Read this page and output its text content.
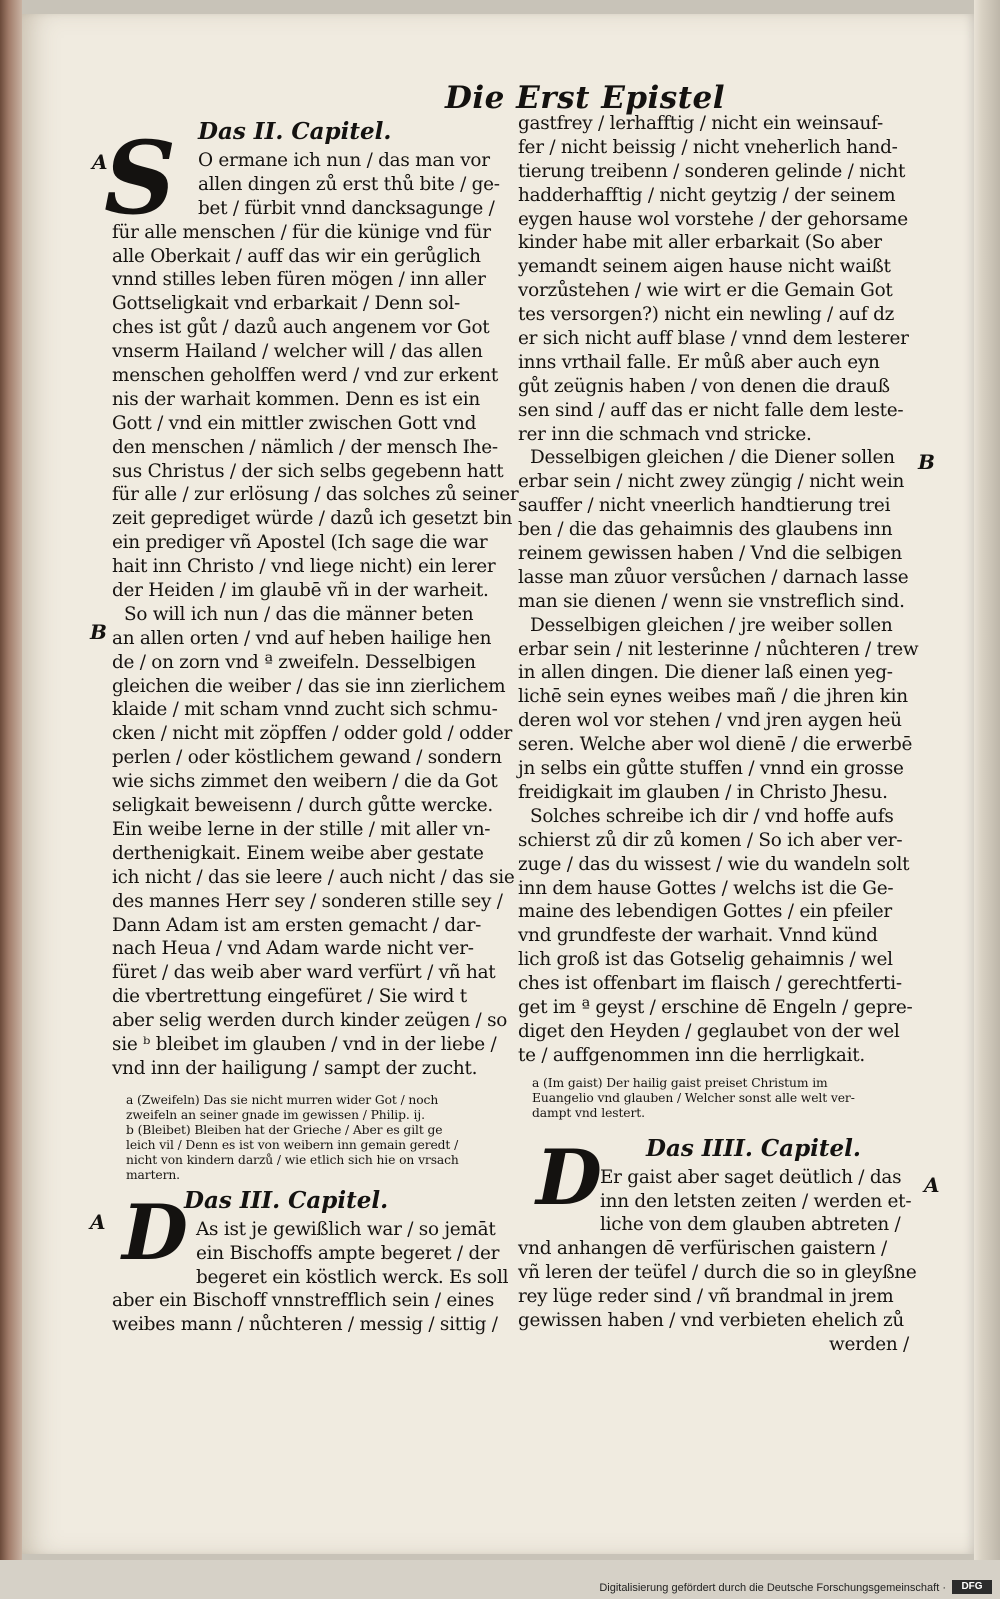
Die Erst Epistel
A
B
A
B
A
S
D
D
Das II. Capitel.
O ermane ich nun / das man vor
allen dingen zů erst thů bite / ge-
bet / fürbit vnnd dancksagunge /
für alle menschen / für die künige vnd für
alle Oberkait / auff das wir ein gerůglich
vnnd stilles leben füren mögen / inn aller
Gottseligkait vnd erbarkait / Denn sol-
ches ist gůt / dazů auch angenem vor Got
vnserm Hailand / welcher will / das allen
menschen geholffen werd / vnd zur erkent
nis der warhait kommen. Denn es ist ein
Gott / vnd ein mittler zwischen Gott vnd
den menschen / nämlich / der mensch Ihe-
sus Christus / der sich selbs gegebenn hatt
für alle / zur erlösung / das solches zů seiner
zeit geprediget würde / dazů ich gesetzt bin
ein prediger vñ Apostel (Ich sage die war
hait inn Christo / vnd liege nicht) ein lerer
der Heiden / im glaubē vñ in der warheit.
So will ich nun / das die männer beten
an allen orten / vnd auf heben hailige hen
de / on zorn vnd ª zweifeln. Desselbigen
gleichen die weiber / das sie inn zierlichem
klaide / mit scham vnnd zucht sich schmu-
cken / nicht mit zöpffen / odder gold / odder
perlen / oder köstlichem gewand / sondern
wie sichs zimmet den weibern / die da Got
seligkait beweisenn / durch gůtte wercke.
Ein weibe lerne in der stille / mit aller vn-
derthenigkait. Einem weibe aber gestate
ich nicht / das sie leere / auch nicht / das sie
des mannes Herr sey / sonderen stille sey /
Dann Adam ist am ersten gemacht / dar-
nach Heua / vnd Adam warde nicht ver-
füret / das weib aber ward verfürt / vñ hat
die vbertrettung eingefüret / Sie wird t
aber selig werden durch kinder zeügen / so
sie ᵇ bleibet im glauben / vnd in der liebe /
vnd inn der hailigung / sampt der zucht.
a (Zweifeln) Das sie nicht murren wider Got / noch
zweifeln an seiner gnade im gewissen / Philip. ij.
b (Bleibet) Bleiben hat der Grieche / Aber es gilt ge
leich vil / Denn es ist von weibern inn gemain geredt /
nicht von kindern darzů / wie etlich sich hie on vrsach
martern.
Das III. Capitel.
As ist je gewißlich war / so jemāt
ein Bischoffs ampte begeret / der
begeret ein köstlich werck. Es soll
aber ein Bischoff vnnstrefflich sein / eines
weibes mann / nůchteren / messig / sittig /
gastfrey / lerhafftig / nicht ein weinsauf-
fer / nicht beissig / nicht vneherlich hand-
tierung treibenn / sonderen gelinde / nicht
hadderhafftig / nicht geytzig / der seinem
eygen hause wol vorstehe / der gehorsame
kinder habe mit aller erbarkait (So aber
yemandt seinem aigen hause nicht waißt
vorzůstehen / wie wirt er die Gemain Got
tes versorgen?) nicht ein newling / auf dz
er sich nicht auff blase / vnnd dem lesterer
inns vrthail falle. Er můß aber auch eyn
gůt zeügnis haben / von denen die drauß
sen sind / auff das er nicht falle dem leste-
rer inn die schmach vnd stricke.
Desselbigen gleichen / die Diener sollen
erbar sein / nicht zwey züngig / nicht wein
sauffer / nicht vneerlich handtierung trei
ben / die das gehaimnis des glaubens inn
reinem gewissen haben / Vnd die selbigen
lasse man zůuor versůchen / darnach lasse
man sie dienen / wenn sie vnstreflich sind.
Desselbigen gleichen / jre weiber sollen
erbar sein / nit lesterinne / nůchteren / trew
in allen dingen. Die diener laß einen yeg-
lichē sein eynes weibes mañ / die jhren kin
deren wol vor stehen / vnd jren aygen heü
seren. Welche aber wol dienē / die erwerbē
jn selbs ein gůtte stuffen / vnnd ein grosse
freidigkait im glauben / in Christo Jhesu.
Solches schreibe ich dir / vnd hoffe aufs
schierst zů dir zů komen / So ich aber ver-
zuge / das du wissest / wie du wandeln solt
inn dem hause Gottes / welchs ist die Ge-
maine des lebendigen Gottes / ein pfeiler
vnd grundfeste der warhait. Vnnd künd
lich groß ist das Gotselig gehaimnis / wel
ches ist offenbart im flaisch / gerechtferti-
get im ª geyst / erschine dē Engeln / gepre-
diget den Heyden / geglaubet von der wel
te / auffgenommen inn die herrligkait.
a (Im gaist) Der hailig gaist preiset Christum im
Euangelio vnd glauben / Welcher sonst alle welt ver-
dampt vnd lestert.
Das IIII. Capitel.
Er gaist aber saget deütlich / das
inn den letsten zeiten / werden et-
liche von dem glauben abtreten /
vnd anhangen dē verfürischen gaistern /
vñ leren der teüfel / durch die so in gleyßne
rey lüge reder sind / vñ brandmal in jrem
gewissen haben / vnd verbieten ehelich zů
werden /
Digitalisierung gefördert durch die Deutsche Forschungsgemeinschaft ·	DFG
